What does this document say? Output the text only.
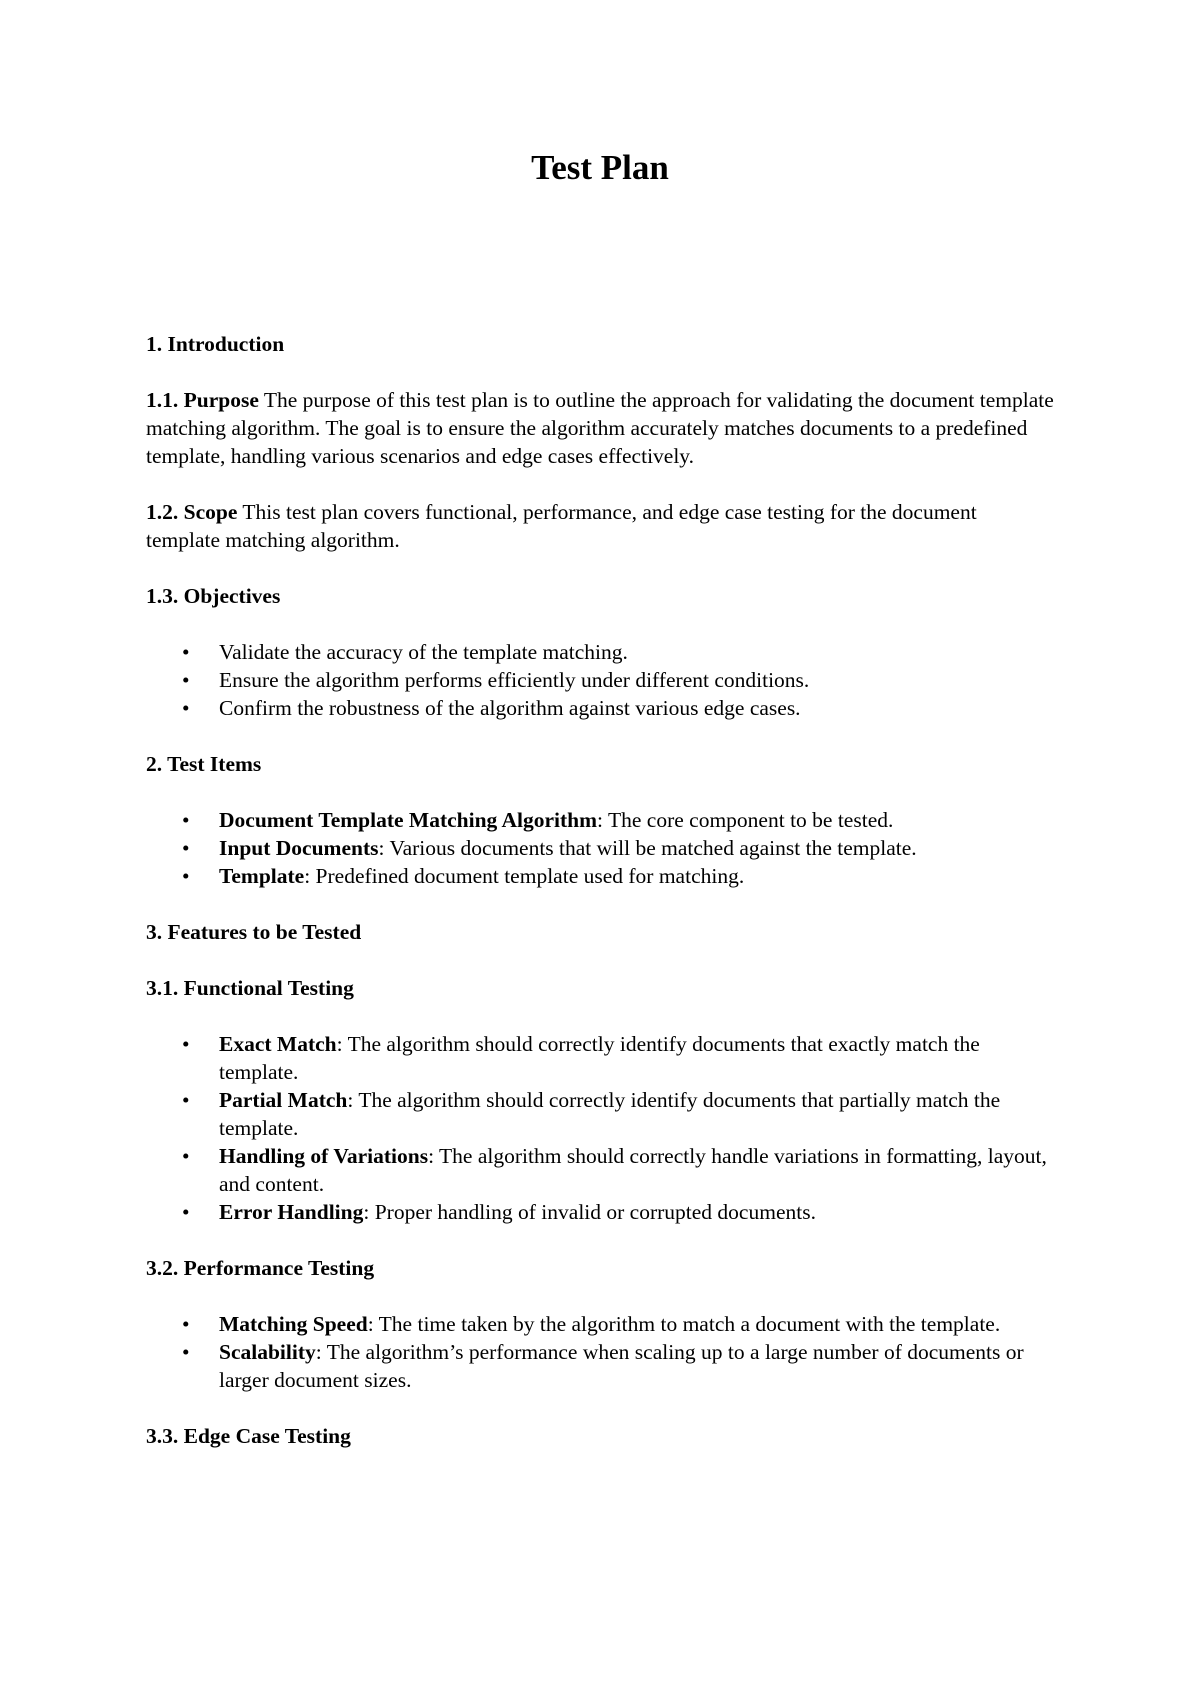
Test Plan

1. Introduction

1.1. Purpose The purpose of this test plan is to outline the approach for validating the document template matching algorithm. The goal is to ensure the algorithm accurately matches documents to a predefined template, handling various scenarios and edge cases effectively.

1.2. Scope This test plan covers functional, performance, and edge case testing for the document template matching algorithm.

1.3. Objectives

• Validate the accuracy of the template matching.
• Ensure the algorithm performs efficiently under different conditions.
• Confirm the robustness of the algorithm against various edge cases.

2. Test Items

• Document Template Matching Algorithm: The core component to be tested.
• Input Documents: Various documents that will be matched against the template.
• Template: Predefined document template used for matching.

3. Features to be Tested

3.1. Functional Testing

• Exact Match: The algorithm should correctly identify documents that exactly match the template.
• Partial Match: The algorithm should correctly identify documents that partially match the template.
• Handling of Variations: The algorithm should correctly handle variations in formatting, layout, and content.
• Error Handling: Proper handling of invalid or corrupted documents.

3.2. Performance Testing

• Matching Speed: The time taken by the algorithm to match a document with the template.
• Scalability: The algorithm’s performance when scaling up to a large number of documents or larger document sizes.

3.3. Edge Case Testing
